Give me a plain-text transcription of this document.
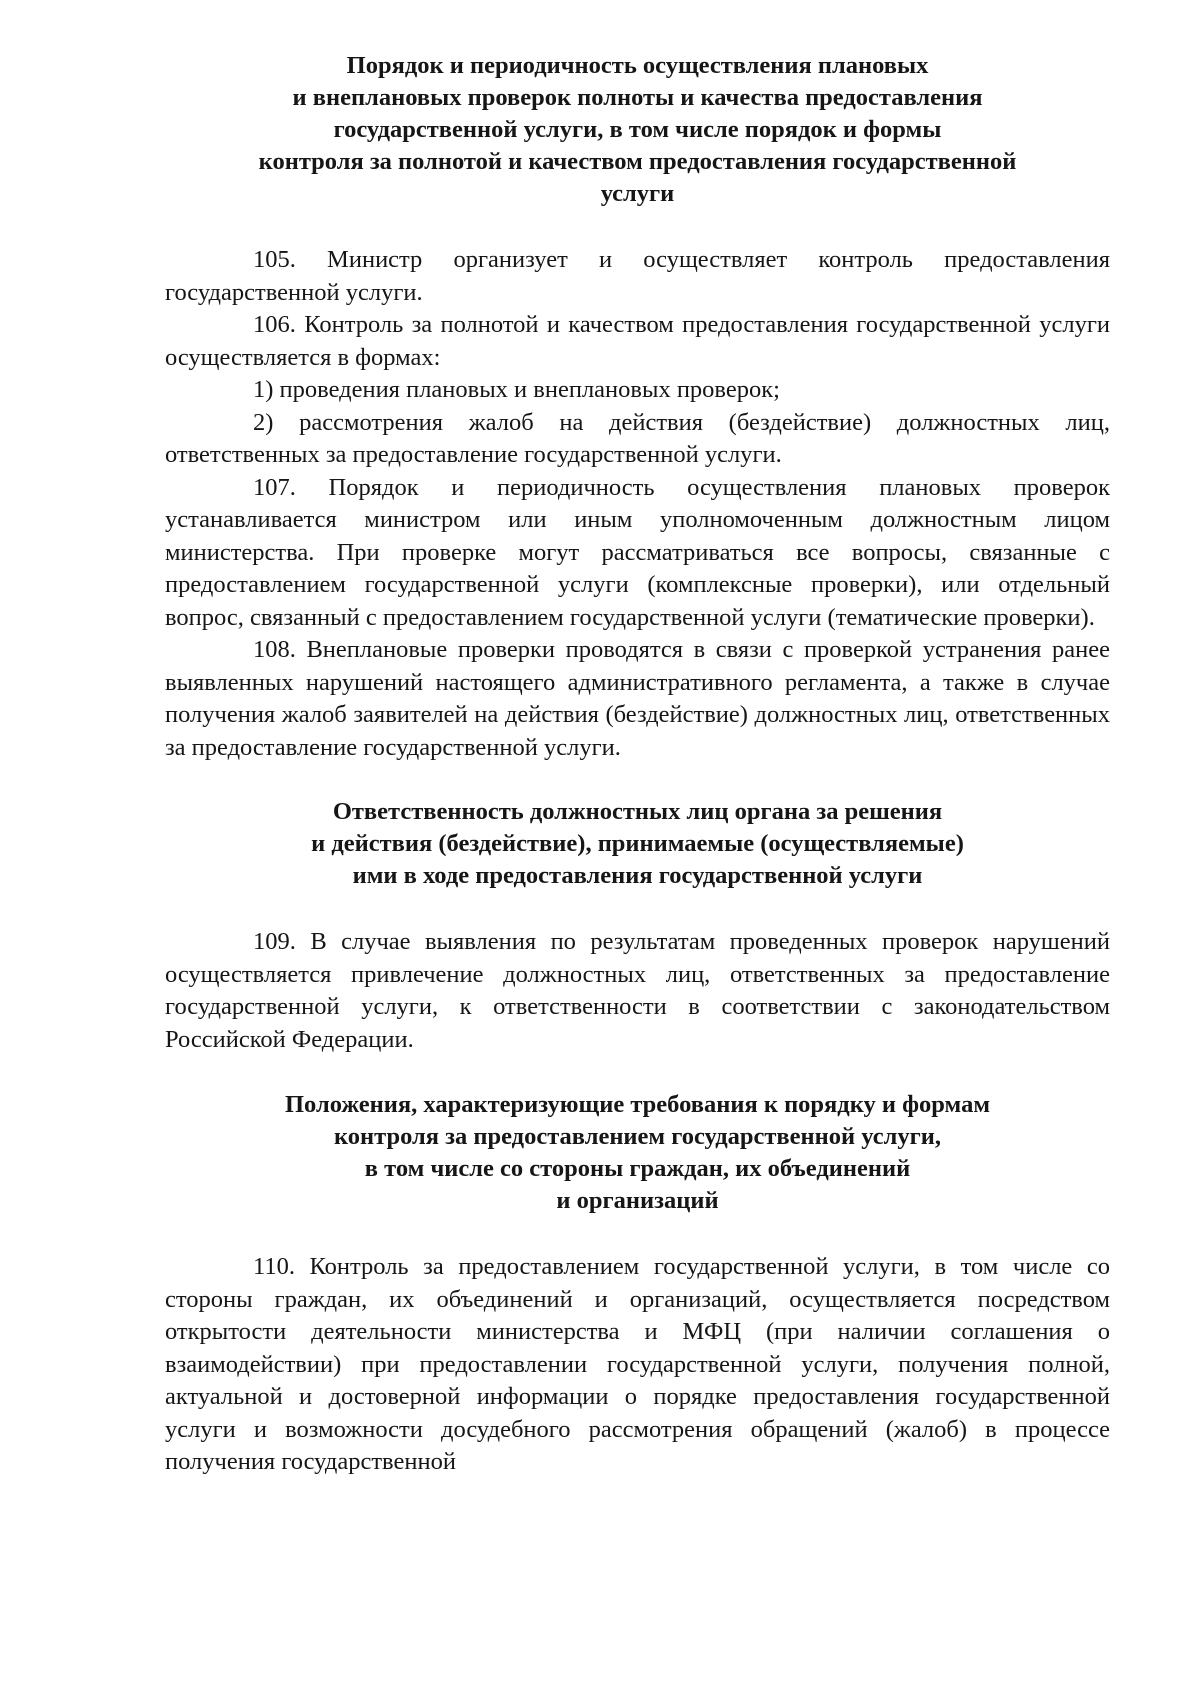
Порядок и периодичность осуществления плановых
и внеплановых проверок полноты и качества предоставления
государственной услуги, в том числе порядок и формы
контроля за полнотой и качеством предоставления государственной
услуги

105. Министр организует и осуществляет контроль предоставления государственной услуги.

106. Контроль за полнотой и качеством предоставления государственной услуги осуществляется в формах:

1) проведения плановых и внеплановых проверок;

2) рассмотрения жалоб на действия (бездействие) должностных лиц, ответственных за предоставление государственной услуги.

107. Порядок и периодичность осуществления плановых проверок устанавливается министром или иным уполномоченным должностным лицом министерства. При проверке могут рассматриваться все вопросы, связанные с предоставлением государственной услуги (комплексные проверки), или отдельный вопрос, связанный с предоставлением государственной услуги (тематические проверки).

108. Внеплановые проверки проводятся в связи с проверкой устранения ранее выявленных нарушений настоящего административного регламента, а также в случае получения жалоб заявителей на действия (бездействие) должностных лиц, ответственных за предоставление государственной услуги.

Ответственность должностных лиц органа за решения
и действия (бездействие), принимаемые (осуществляемые)
ими в ходе предоставления государственной услуги

109. В случае выявления по результатам проведенных проверок нарушений осуществляется привлечение должностных лиц, ответственных за предоставление государственной услуги, к ответственности в соответствии с законодательством Российской Федерации.

Положения, характеризующие требования к порядку и формам
контроля за предоставлением государственной услуги,
в том числе со стороны граждан, их объединений
и организаций

110. Контроль за предоставлением государственной услуги, в том числе со стороны граждан, их объединений и организаций, осуществляется посредством открытости деятельности министерства и МФЦ (при наличии соглашения о взаимодействии) при предоставлении государственной услуги, получения полной, актуальной и достоверной информации о порядке предоставления государственной услуги и возможности досудебного рассмотрения обращений (жалоб) в процессе получения государственной
